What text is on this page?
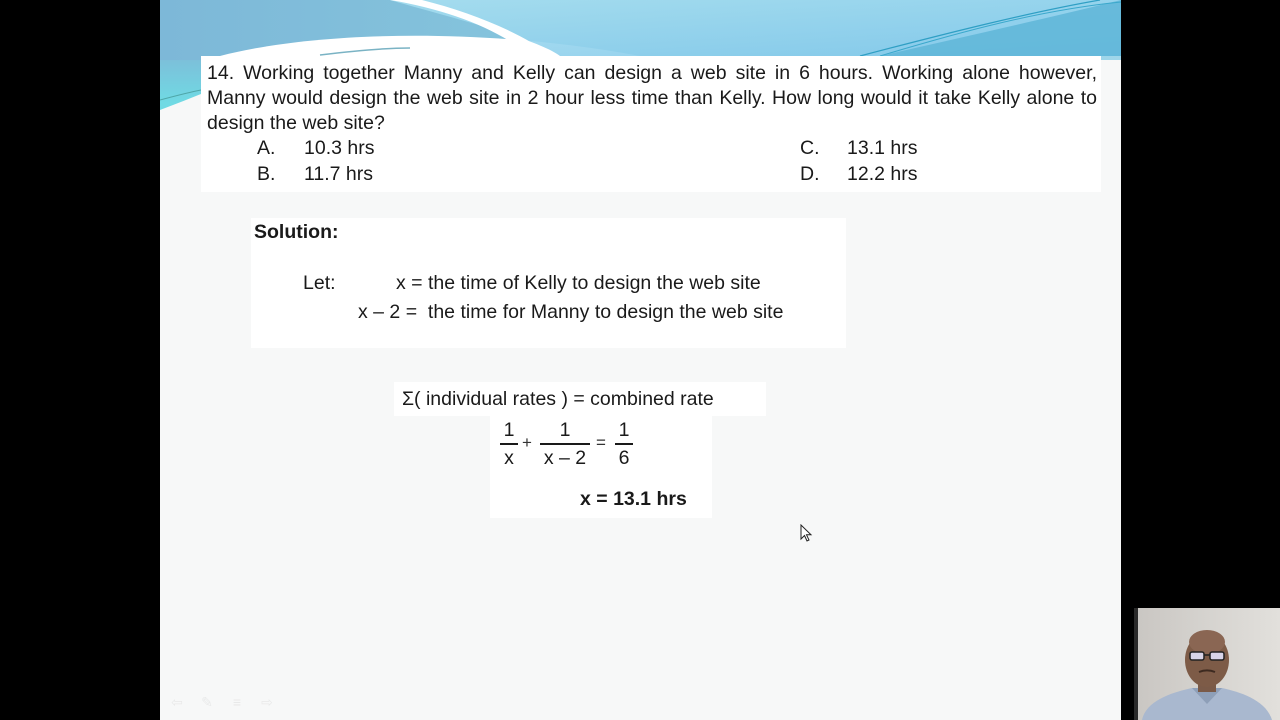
14. Working together Manny and Kelly can design a web site in 6 hours. Working alone however, Manny would design the web site in 2 hour less time than Kelly. How long would it take Kelly alone to design the web site?
A. 10.3 hrs
B. 11.7 hrs
C. 13.1 hrs
D. 12.2 hrs
Solution:
Let:	x = the time of Kelly to design the web site
x – 2 =  the time for Manny to design the web site
Σ( individual rates ) = combined rate
1
x
+
1
x – 2
=
1
6
x = 13.1 hrs
⇦ ✎	≡	⇨
